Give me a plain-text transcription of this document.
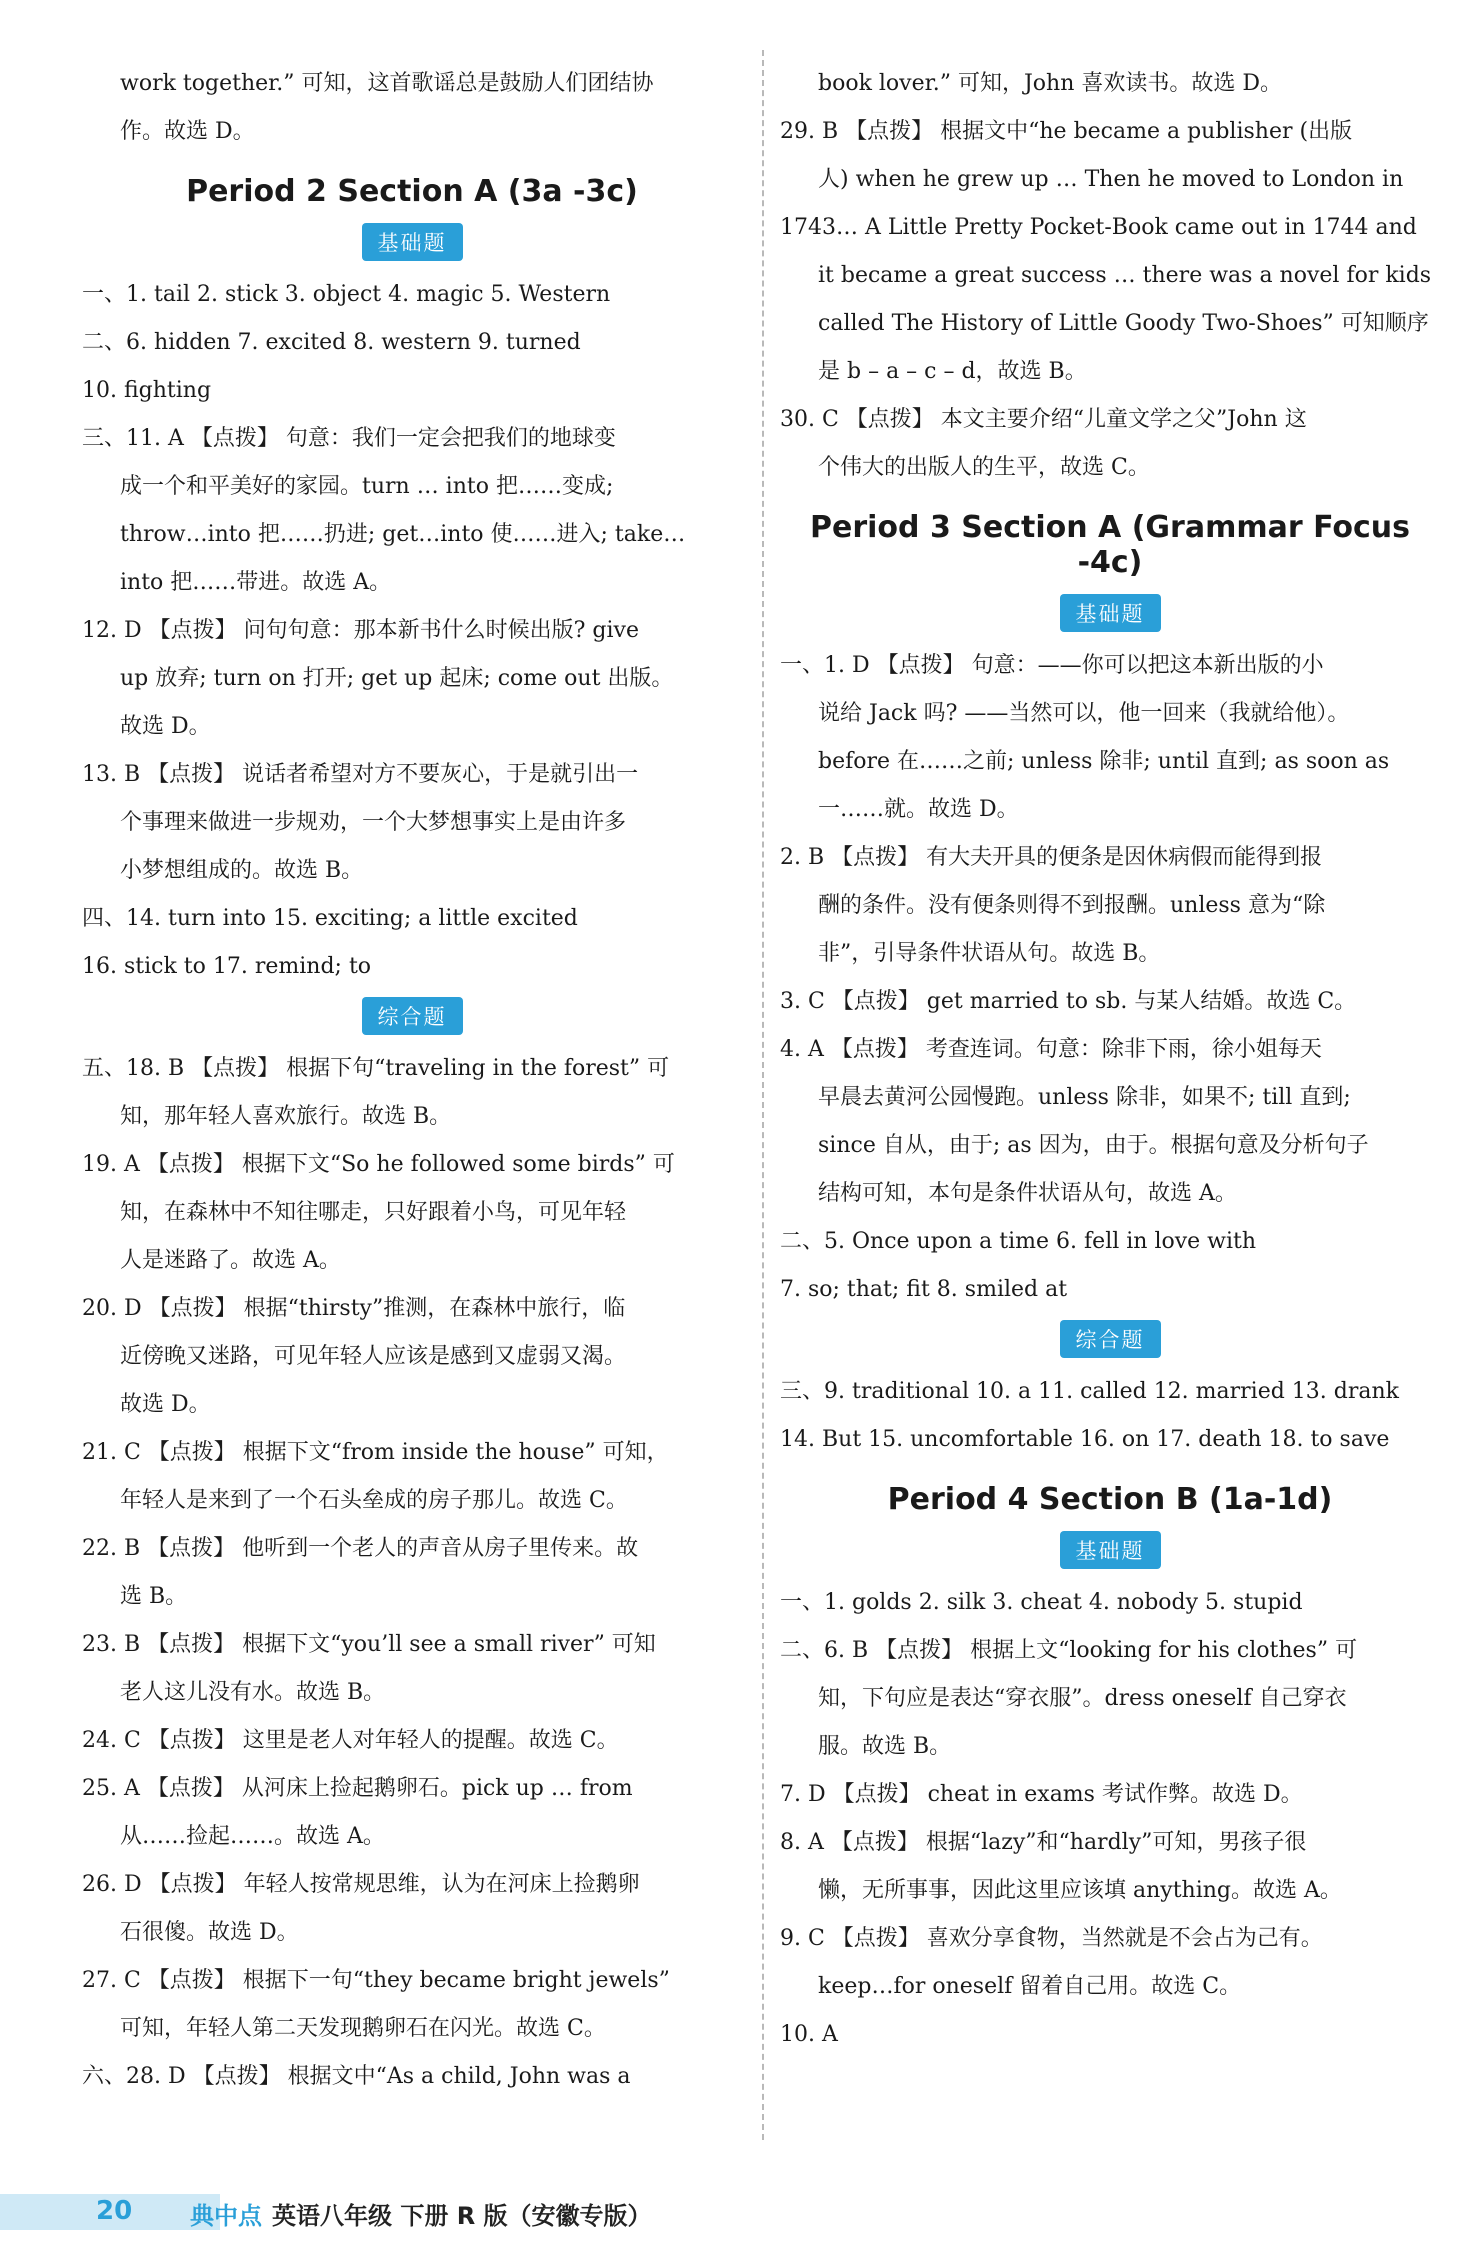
work together.” 可知，这首歌谣总是鼓励人们团结协
作。故选 D。
Period 2 Section A (3a -3c)
基础题
一、1. tail 2. stick 3. object 4. magic 5. Western
二、6. hidden 7. excited 8. western 9. turned
10. fighting
三、11. A 【点拨】 句意：我们一定会把我们的地球变
成一个和平美好的家园。turn … into 把……变成;
throw…into 把……扔进; get…into 使……进入; take…
into 把……带进。故选 A。
12. D 【点拨】 问句句意：那本新书什么时候出版? give
up 放弃; turn on 打开; get up 起床; come out 出版。
故选 D。
13. B 【点拨】 说话者希望对方不要灰心，于是就引出一
个事理来做进一步规劝，一个大梦想事实上是由许多
小梦想组成的。故选 B。
四、14. turn into 15. exciting; a little excited
16. stick to 17. remind; to
综合题
五、18. B 【点拨】 根据下句“traveling in the forest” 可
知，那年轻人喜欢旅行。故选 B。
19. A 【点拨】 根据下文“So he followed some birds” 可
知，在森林中不知往哪走，只好跟着小鸟，可见年轻
人是迷路了。故选 A。
20. D 【点拨】 根据“thirsty”推测，在森林中旅行，临
近傍晚又迷路，可见年轻人应该是感到又虚弱又渴。
故选 D。
21. C 【点拨】 根据下文“from inside the house” 可知，
年轻人是来到了一个石头垒成的房子那儿。故选 C。
22. B 【点拨】 他听到一个老人的声音从房子里传来。故
选 B。
23. B 【点拨】 根据下文“you’ll see a small river” 可知
老人这儿没有水。故选 B。
24. C 【点拨】 这里是老人对年轻人的提醒。故选 C。
25. A 【点拨】 从河床上捡起鹅卵石。pick up … from
从……捡起……。故选 A。
26. D 【点拨】 年轻人按常规思维，认为在河床上捡鹅卵
石很傻。故选 D。
27. C 【点拨】 根据下一句“they became bright jewels”
可知，年轻人第二天发现鹅卵石在闪光。故选 C。
六、28. D 【点拨】 根据文中“As a child, John was a
book lover.” 可知，John 喜欢读书。故选 D。
29. B 【点拨】 根据文中“he became a publisher (出版
人) when he grew up … Then he moved to London in
1743… A Little Pretty Pocket-Book came out in 1744 and
it became a great success … there was a novel for kids
called The History of Little Goody Two-Shoes” 可知顺序
是 b – a – c – d，故选 B。
30. C 【点拨】 本文主要介绍“儿童文学之父”John 这
个伟大的出版人的生平，故选 C。
Period 3 Section A (Grammar Focus -4c)
基础题
一、1. D 【点拨】 句意：——你可以把这本新出版的小
说给 Jack 吗? ——当然可以，他一回来（我就给他）。
before 在……之前; unless 除非; until 直到; as soon as
一……就。故选 D。
2. B 【点拨】 有大夫开具的便条是因休病假而能得到报
酬的条件。没有便条则得不到报酬。unless 意为“除
非”，引导条件状语从句。故选 B。
3. C 【点拨】 get married to sb. 与某人结婚。故选 C。
4. A 【点拨】 考查连词。句意：除非下雨，徐小姐每天
早晨去黄河公园慢跑。unless 除非，如果不; till 直到;
since 自从，由于; as 因为，由于。根据句意及分析句子
结构可知，本句是条件状语从句，故选 A。
二、5. Once upon a time 6. fell in love with
7. so; that; fit 8. smiled at
综合题
三、9. traditional 10. a 11. called 12. married 13. drank
14. But 15. uncomfortable 16. on 17. death 18. to save
Period 4 Section B (1a-1d)
基础题
一、1. golds 2. silk 3. cheat 4. nobody 5. stupid
二、6. B 【点拨】 根据上文“looking for his clothes” 可
知，下句应是表达“穿衣服”。dress oneself 自己穿衣
服。故选 B。
7. D 【点拨】 cheat in exams 考试作弊。故选 D。
8. A 【点拨】 根据“lazy”和“hardly”可知，男孩子很
懒，无所事事，因此这里应该填 anything。故选 A。
9. C 【点拨】 喜欢分享食物，当然就是不会占为己有。
keep…for oneself 留着自己用。故选 C。
10. A
20 典中点 英语八年级 下册 R 版（安徽专版）
